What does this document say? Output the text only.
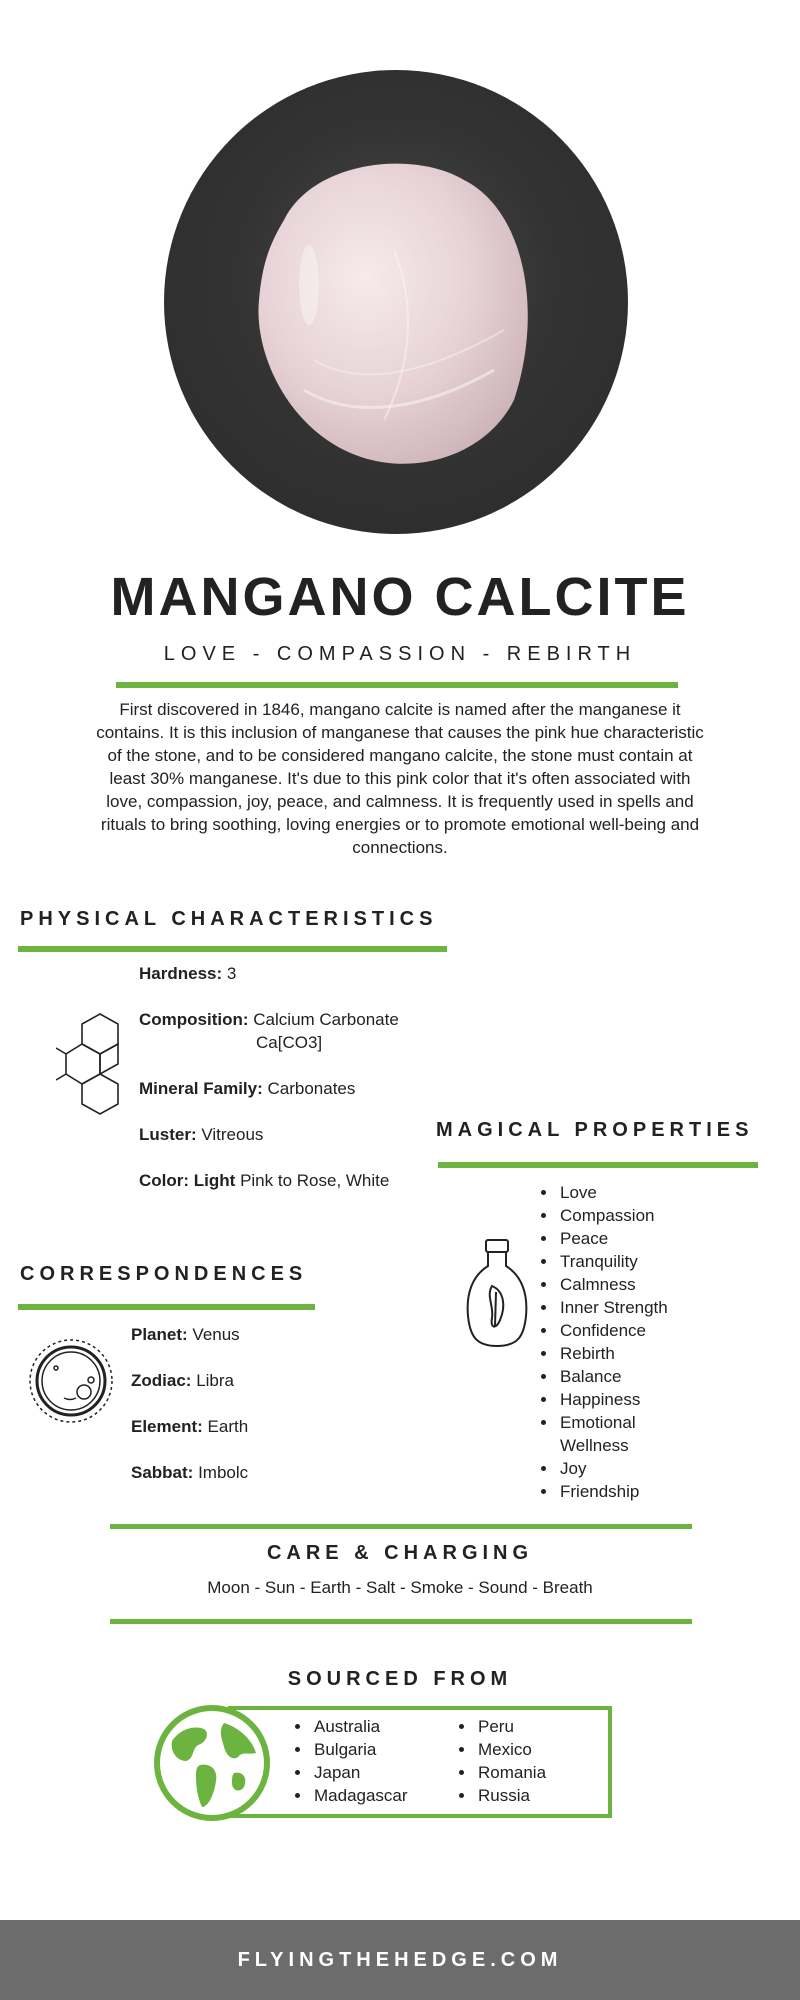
MANGANO CALCITE
LOVE - COMPASSION - REBIRTH
First discovered in 1846, mangano calcite is named after the manganese it contains. It is this inclusion of manganese that causes the pink hue characteristic of the stone, and to be considered mangano calcite, the stone must contain at least 30% manganese. It's due to this pink color that it's often associated with love, compassion, joy, peace, and calmness. It is frequently used in spells and rituals to bring soothing, loving energies or to promote emotional well-being and connections.
PHYSICAL CHARACTERISTICS
Hardness: 3
Composition: Calcium Carbonate
Ca[CO3]
Mineral Family: Carbonates
Luster: Vitreous
Color: Light Pink to Rose, White
MAGICAL PROPERTIES
• Love
• Compassion
• Peace
• Tranquility
• Calmness
• Inner Strength
• Confidence
• Rebirth
• Balance
• Happiness
• Emotional Wellness
• Joy
• Friendship
CORRESPONDENCES
Planet: Venus
Zodiac: Libra
Element: Earth
Sabbat: Imbolc
CARE & CHARGING
Moon - Sun - Earth - Salt - Smoke - Sound - Breath
SOURCED FROM
• Australia
• Bulgaria
• Japan
• Madagascar
• Peru
• Mexico
• Romania
• Russia
FLYINGTHEHEDGE.COM
